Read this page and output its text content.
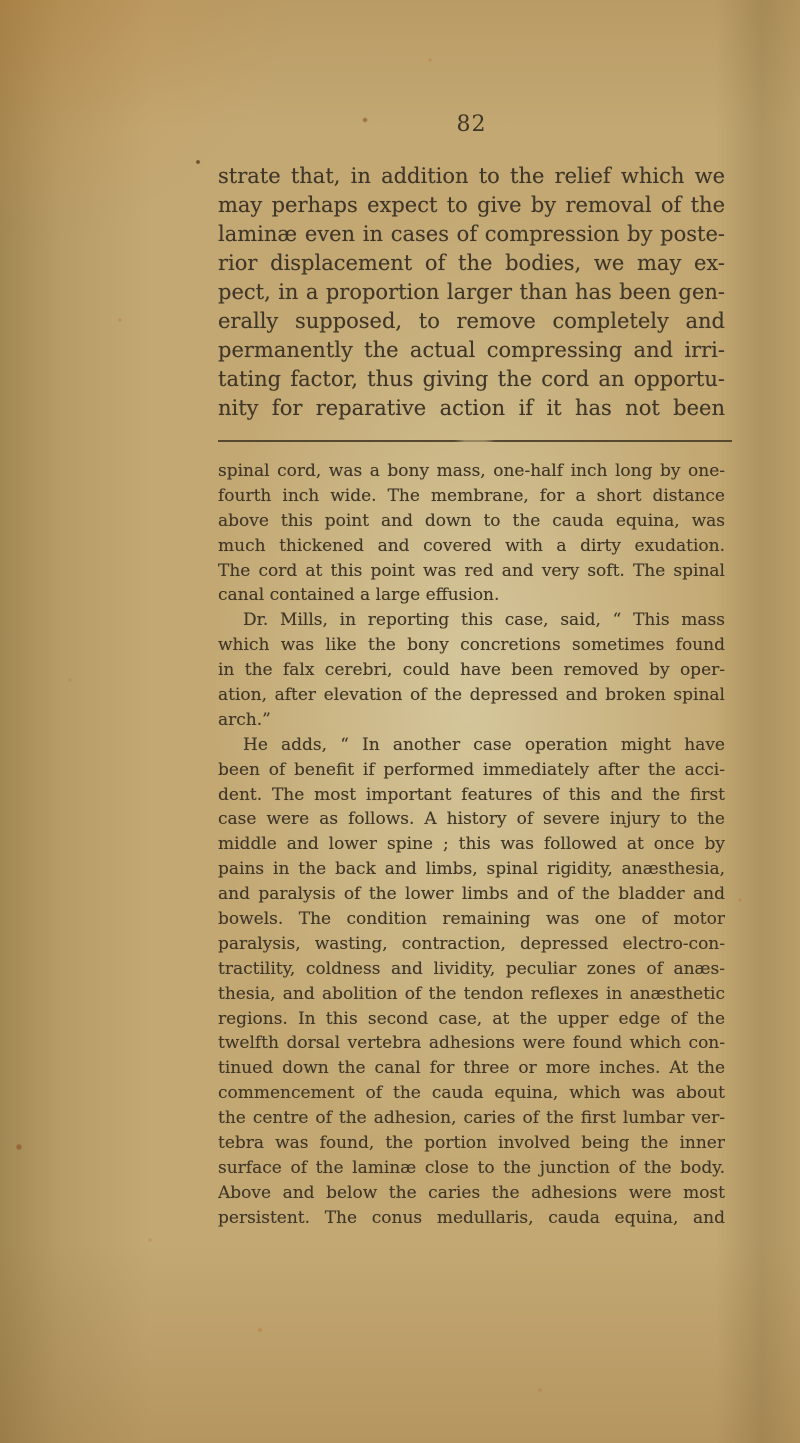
82
strate that, in addition to the relief which we
may perhaps expect to give by removal of the
laminæ even in cases of compression by poste-
rior displacement of the bodies, we may ex-
pect, in a proportion larger than has been gen-
erally supposed, to remove completely and
permanently the actual compressing and irri-
tating factor, thus giving the cord an opportu-
nity for reparative action if it has not been
spinal cord, was a bony mass, one-half inch long by one-
fourth inch wide. The membrane, for a short distance
above this point and down to the cauda equina, was
much thickened and covered with a dirty exudation.
The cord at this point was red and very soft. The spinal
canal contained a large effusion.
Dr. Mills, in reporting this case, said, “ This mass
which was like the bony concretions sometimes found
in the falx cerebri, could have been removed by oper-
ation, after elevation of the depressed and broken spinal
arch.”
He adds, “ In another case operation might have
been of benefit if performed immediately after the acci-
dent. The most important features of this and the first
case were as follows. A history of severe injury to the
middle and lower spine ; this was followed at once by
pains in the back and limbs, spinal rigidity, anæsthesia,
and paralysis of the lower limbs and of the bladder and
bowels. The condition remaining was one of motor
paralysis, wasting, contraction, depressed electro-con-
tractility, coldness and lividity, peculiar zones of anæs-
thesia, and abolition of the tendon reflexes in anæsthetic
regions. In this second case, at the upper edge of the
twelfth dorsal vertebra adhesions were found which con-
tinued down the canal for three or more inches. At the
commencement of the cauda equina, which was about
the centre of the adhesion, caries of the first lumbar ver-
tebra was found, the portion involved being the inner
surface of the laminæ close to the junction of the body.
Above and below the caries the adhesions were most
persistent. The conus medullaris, cauda equina, and
